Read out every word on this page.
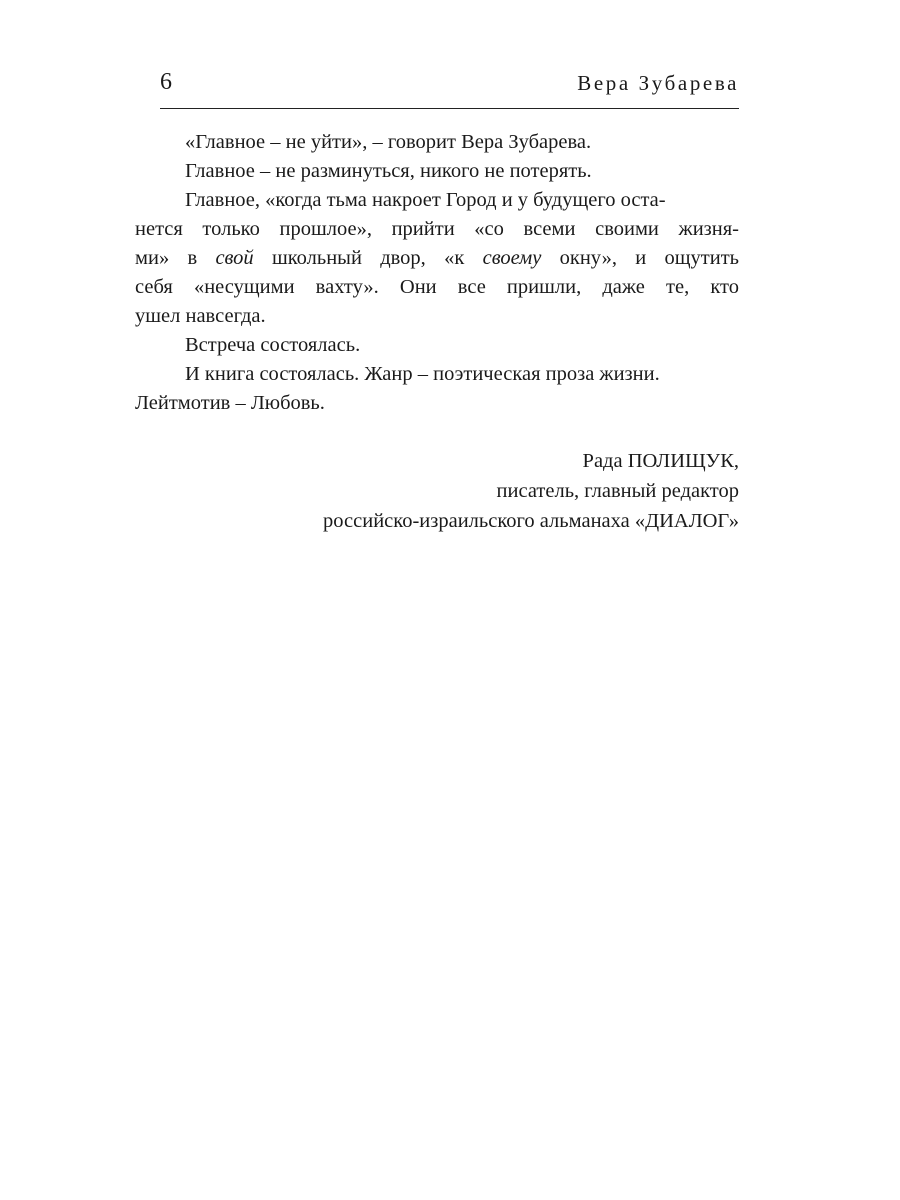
6	Вера Зубарева

«Главное – не уйти», – говорит Вера Зубарева.

Главное – не разминуться, никого не потерять.

Главное, «когда тьма накроет Город и у будущего оста-
нется только прошлое», прийти «со всеми своими жизня-
ми» в свой школьный двор, «к своему окну», и ощутить
себя «несущими вахту». Они все пришли, даже те, кто
ушел навсегда.

Встреча состоялась.

И книга состоялась. Жанр – поэтическая проза жизни.
Лейтмотив – Любовь.

Рада ПОЛИЩУК,
писатель, главный редактор
российско-израильского альманаха «ДИАЛОГ»
